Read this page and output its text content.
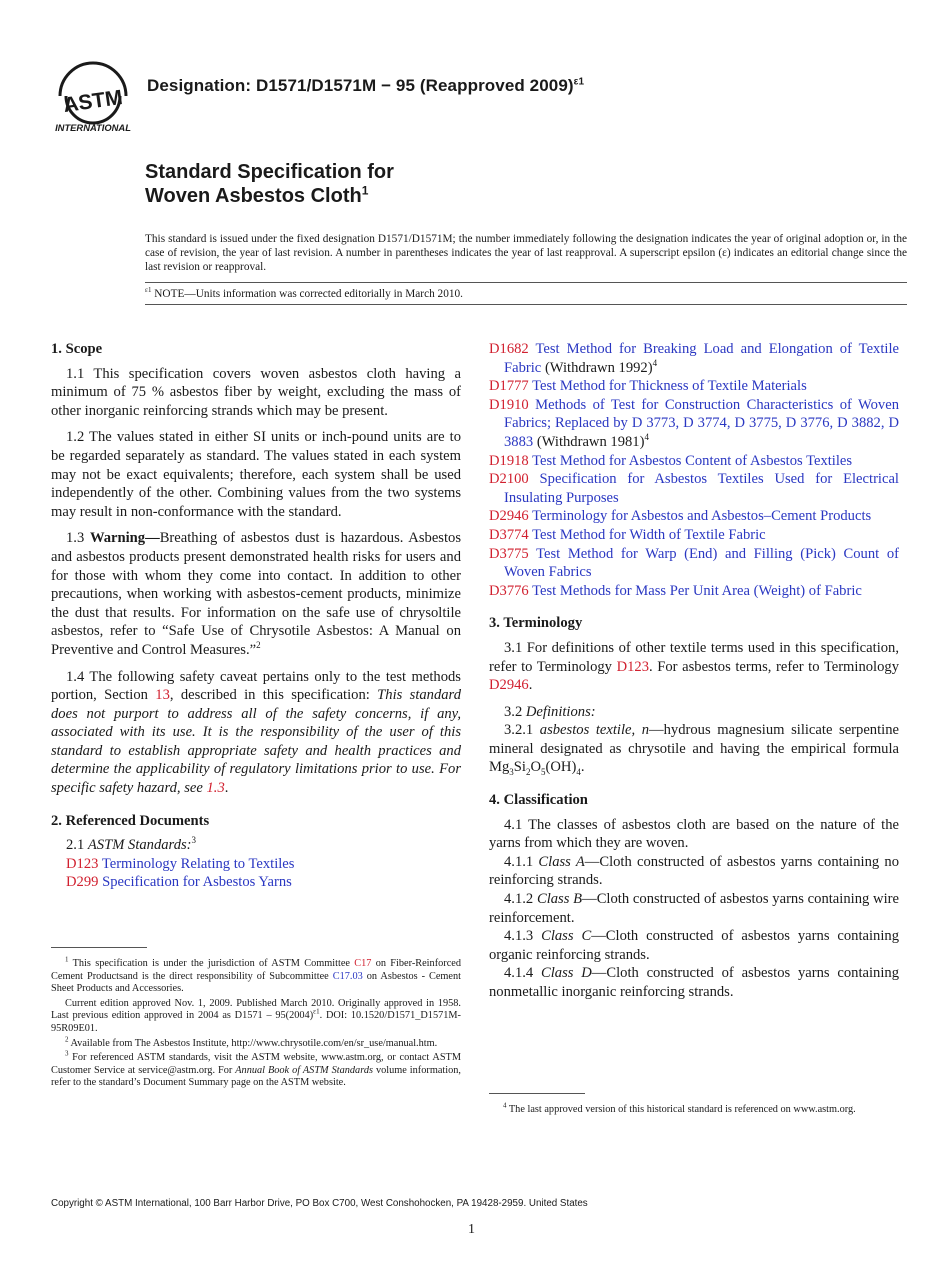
ASTM
INTERNATIONAL
Designation: D1571/D1571M − 95 (Reapproved 2009)$^{\varepsilon 1}$
Standard Specification for
Woven Asbestos Cloth$^1$
This standard is issued under the fixed designation D1571/D1571M; the number immediately following the designation indicates the year of original adoption or, in the case of revision, the year of last revision. A number in parentheses indicates the year of last reapproval. A superscript epsilon (ε) indicates an editorial change since the last revision or reapproval.
$^{\varepsilon 1}$ NOTE—Units information was corrected editorially in March 2010.
1. Scope

1.1 This specification covers woven asbestos cloth having a minimum of 75 % asbestos fiber by weight, excluding the mass of other inorganic reinforcing strands which may be present.

1.2 The values stated in either SI units or inch-pound units are to be regarded separately as standard. The values stated in each system may not be exact equivalents; therefore, each system shall be used independently of the other. Combining values from the two systems may result in non-conformance with the standard.

1.3 Warning—Breathing of asbestos dust is hazardous. Asbestos and asbestos products present demonstrated health risks for users and for those with whom they come into contact. In addition to other precautions, when working with asbestos-cement products, minimize the dust that results. For information on the safe use of chrysoltile asbestos, refer to “Safe Use of Chrysotile Asbestos: A Manual on Preventive and Control Measures.”$^2$

1.4 The following safety caveat pertains only to the test methods portion, Section 13, described in this specification: This standard does not purport to address all of the safety concerns, if any, associated with its use. It is the responsibility of the user of this standard to establish appropriate safety and health practices and determine the applicability of regulatory limitations prior to use. For specific safety hazard, see 1.3.

2. Referenced Documents

2.1 ASTM Standards:$^3$

D123 Terminology Relating to Textiles

D299 Specification for Asbestos Yarns

$^1$ This specification is under the jurisdiction of ASTM Committee C17 on Fiber-Reinforced Cement Productsand is the direct responsibility of Subcommittee C17.03 on Asbestos - Cement Sheet Products and Accessories.

Current edition approved Nov. 1, 2009. Published March 2010. Originally approved in 1958. Last previous edition approved in 2004 as $D1571 - 95(2004)^{\varepsilon 1}$. DOI: 10.1520/D1571_D1571M-95R09E01.

$^2$ Available from The Asbestos Institute, http://www.chrysotile.com/en/sr_use/manual.htm.

$^3$ For referenced ASTM standards, visit the ASTM website, www.astm.org, or contact ASTM Customer Service at service@astm.org. For Annual Book of ASTM Standards volume information, refer to the standard’s Document Summary page on the ASTM website.

D1682 Test Method for Breaking Load and Elongation of Textile Fabric (Withdrawn 1992)$^4$

D1777 Test Method for Thickness of Textile Materials

D1910 Methods of Test for Construction Characteristics of Woven Fabrics; Replaced by D 3773, D 3774, D 3775, D 3776, D 3882, D 3883 (Withdrawn 1981)$^4$

D1918 Test Method for Asbestos Content of Asbestos Textiles

D2100 Specification for Asbestos Textiles Used for Electrical Insulating Purposes

D2946 Terminology for Asbestos and Asbestos–Cement Products

D3774 Test Method for Width of Textile Fabric

D3775 Test Method for Warp (End) and Filling (Pick) Count of Woven Fabrics

D3776 Test Methods for Mass Per Unit Area (Weight) of Fabric

3. Terminology

3.1 For definitions of other textile terms used in this specification, refer to Terminology D123. For asbestos terms, refer to Terminology D2946.

3.2 Definitions:

3.2.1 asbestos textile, n—hydrous magnesium silicate serpentine mineral designated as chrysotile and having the empirical formula $Mg_3Si_2O_5(OH)_4$.

4. Classification

4.1 The classes of asbestos cloth are based on the nature of the yarns from which they are woven.

4.1.1 Class A—Cloth constructed of asbestos yarns containing no reinforcing strands.

4.1.2 Class B—Cloth constructed of asbestos yarns containing wire reinforcement.

4.1.3 Class C—Cloth constructed of asbestos yarns containing organic reinforcing strands.

4.1.4 Class D—Cloth constructed of asbestos yarns containing nonmetallic inorganic reinforcing strands.

$^4$ The last approved version of this historical standard is referenced on www.astm.org.

Copyright © ASTM International, 100 Barr Harbor Drive, PO Box C700, West Conshohocken, PA 19428-2959. United States
1
